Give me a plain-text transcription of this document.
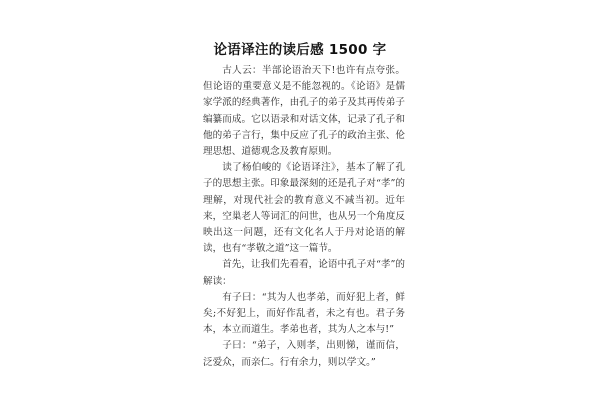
论语译注的读后感 1500 字

古人云：半部论语治天下!也许有点夸张。但论语的重要意义是不能忽视的。《论语》是儒家学派的经典著作，由孔子的弟子及其再传弟子编纂而成。它以语录和对话文体，记录了孔子和他的弟子言行，集中反应了孔子的政治主张、伦理思想、道德观念及教育原则。

读了杨伯峻的《论语译注》，基本了解了孔子的思想主张。印象最深刻的还是孔子对“孝”的理解，对现代社会的教育意义不减当初。近年来，空巢老人等词汇的问世，也从另一个角度反映出这一问题，还有文化名人于丹对论语的解读，也有“孝敬之道”这一篇节。

首先，让我们先看看，论语中孔子对“孝”的解读：

有子曰：“其为人也孝弟，而好犯上者，鲜矣;不好犯上，而好作乱者，未之有也。君子务本，本立而道生。孝弟也者，其为人之本与!”

子曰：“弟子，入则孝，出则悌，谨而信，泛爱众，而亲仁。行有余力，则以学文。”
